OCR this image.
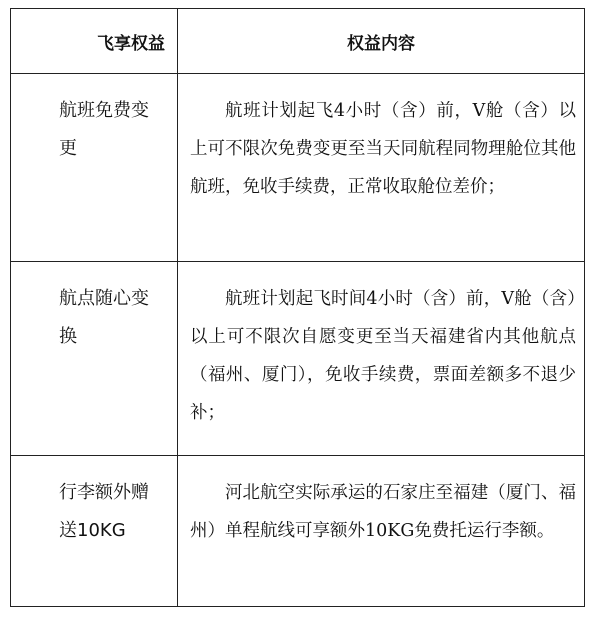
飞享权益	权益内容
航班免费变更	航班计划起飞4小时（含）前，V舱（含）以上可不限次免费变更至当天同航程同物理舱位其他航班，免收手续费，正常收取舱位差价；
航点随心变换	航班计划起飞时间4小时（含）前，V舱（含）以上可不限次自愿变更至当天福建省内其他航点（福州、厦门），免收手续费，票面差额多不退少补；
行李额外赠送10KG	河北航空实际承运的石家庄至福建（厦门、福州）单程航线可享额外10KG免费托运行李额。
